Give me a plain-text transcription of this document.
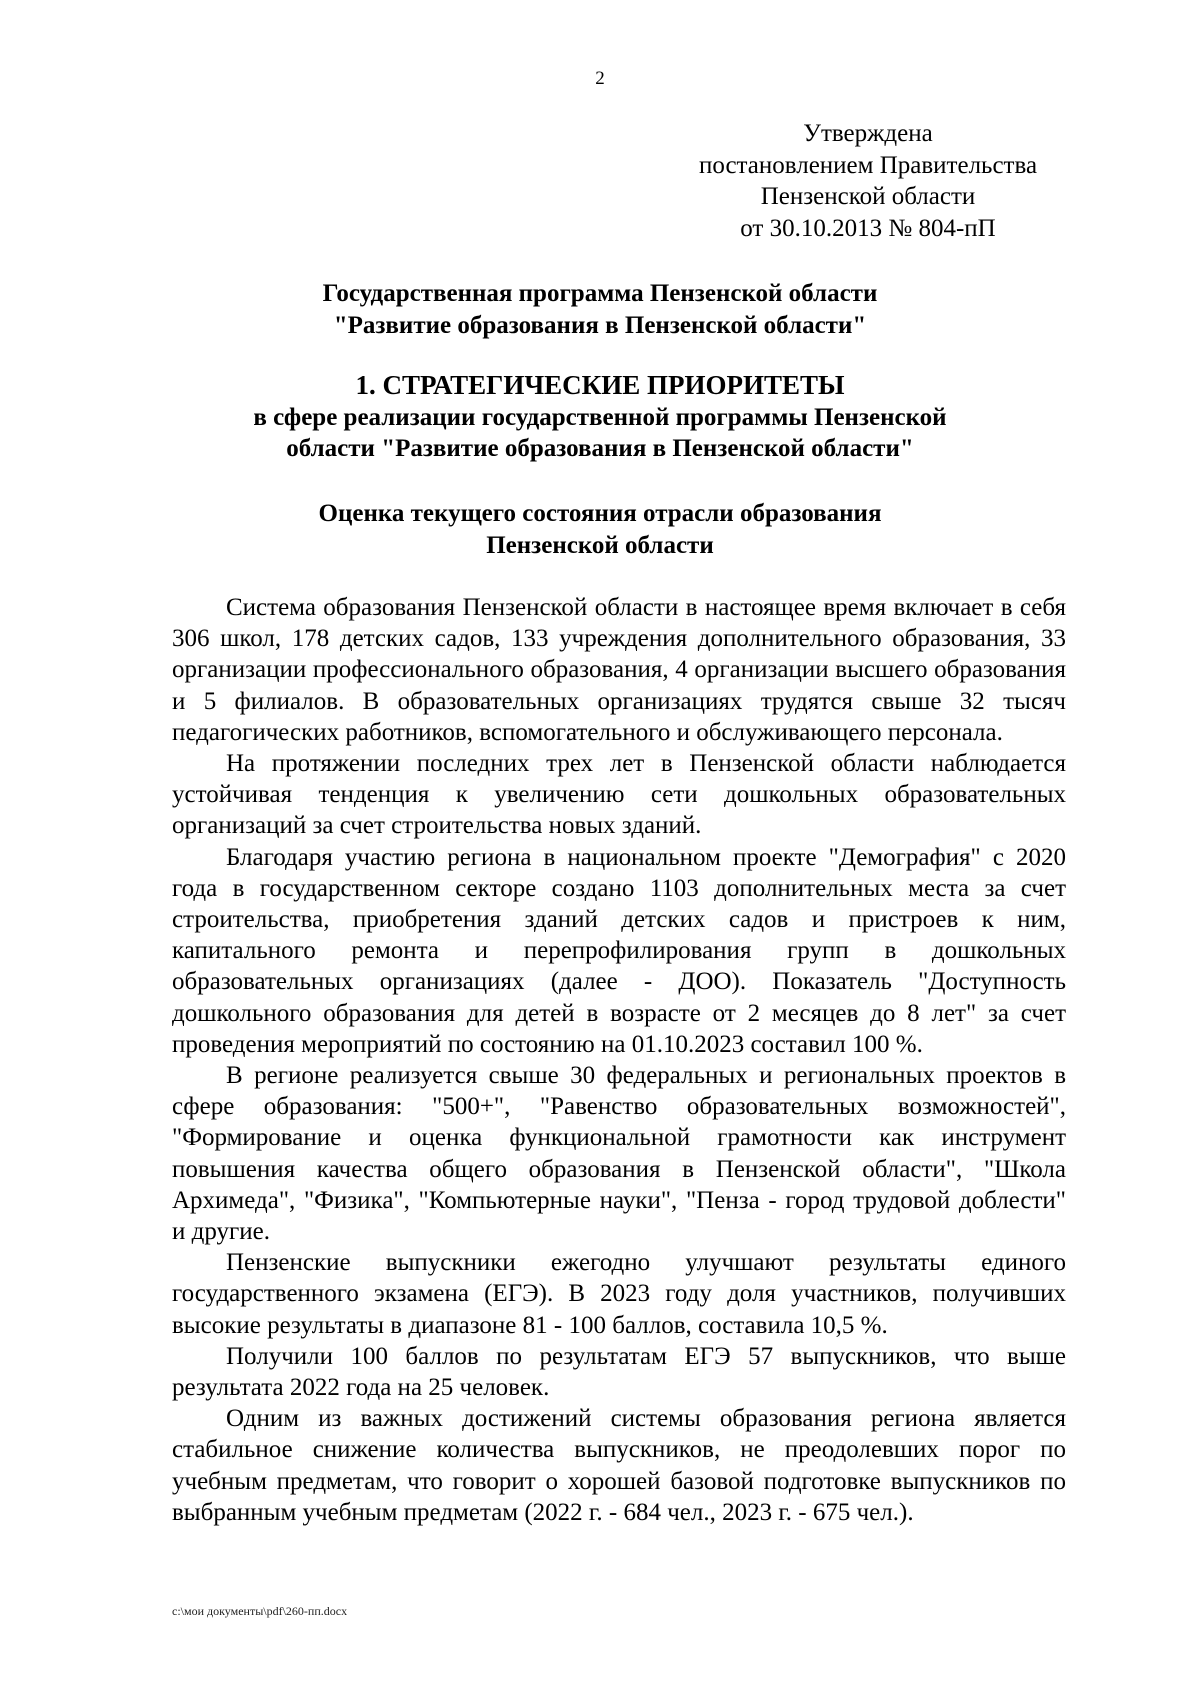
2
Утверждена
постановлением Правительства
Пензенской области
от 30.10.2013 № 804-пП
Государственная программа Пензенской области
"Развитие образования в Пензенской области"
1. СТРАТЕГИЧЕСКИЕ ПРИОРИТЕТЫ
в сфере реализации государственной программы Пензенской
области "Развитие образования в Пензенской области"
Оценка текущего состояния отрасли образования
Пензенской области

Система образования Пензенской области в настоящее время включает в себя 306 школ, 178 детских садов, 133 учреждения дополнительного образования, 33 организации профессионального образования, 4 организации высшего образования и 5 филиалов. В образовательных организациях трудятся свыше 32 тысяч педагогических работников, вспомогательного и обслуживающего персонала.

На протяжении последних трех лет в Пензенской области наблюдается устойчивая тенденция к увеличению сети дошкольных образовательных организаций за счет строительства новых зданий.

Благодаря участию региона в национальном проекте "Демография" с 2020 года в государственном секторе создано 1103 дополнительных места за счет строительства, приобретения зданий детских садов и пристроев к ним, капитального ремонта и перепрофилирования групп в дошкольных образовательных организациях (далее - ДОО). Показатель "Доступность дошкольного образования для детей в возрасте от 2 месяцев до 8 лет" за счет проведения мероприятий по состоянию на 01.10.2023 составил 100 %.

В регионе реализуется свыше 30 федеральных и региональных проектов в сфере образования: "500+", "Равенство образовательных возможностей", "Формирование и оценка функциональной грамотности как инструмент повышения качества общего образования в Пензенской области", "Школа Архимеда", "Физика", "Компьютерные науки", "Пенза - город трудовой доблести" и другие.

Пензенские выпускники ежегодно улучшают результаты единого государственного экзамена (ЕГЭ). В 2023 году доля участников, получивших высокие результаты в диапазоне 81 - 100 баллов, составила 10,5 %.

Получили 100 баллов по результатам ЕГЭ 57 выпускников, что выше результата 2022 года на 25 человек.

Одним из важных достижений системы образования региона является стабильное снижение количества выпускников, не преодолевших порог по учебным предметам, что говорит о хорошей базовой подготовке выпускников по выбранным учебным предметам (2022 г. - 684 чел., 2023 г. - 675 чел.).

c:\мои документы\pdf\260-пп.docx
